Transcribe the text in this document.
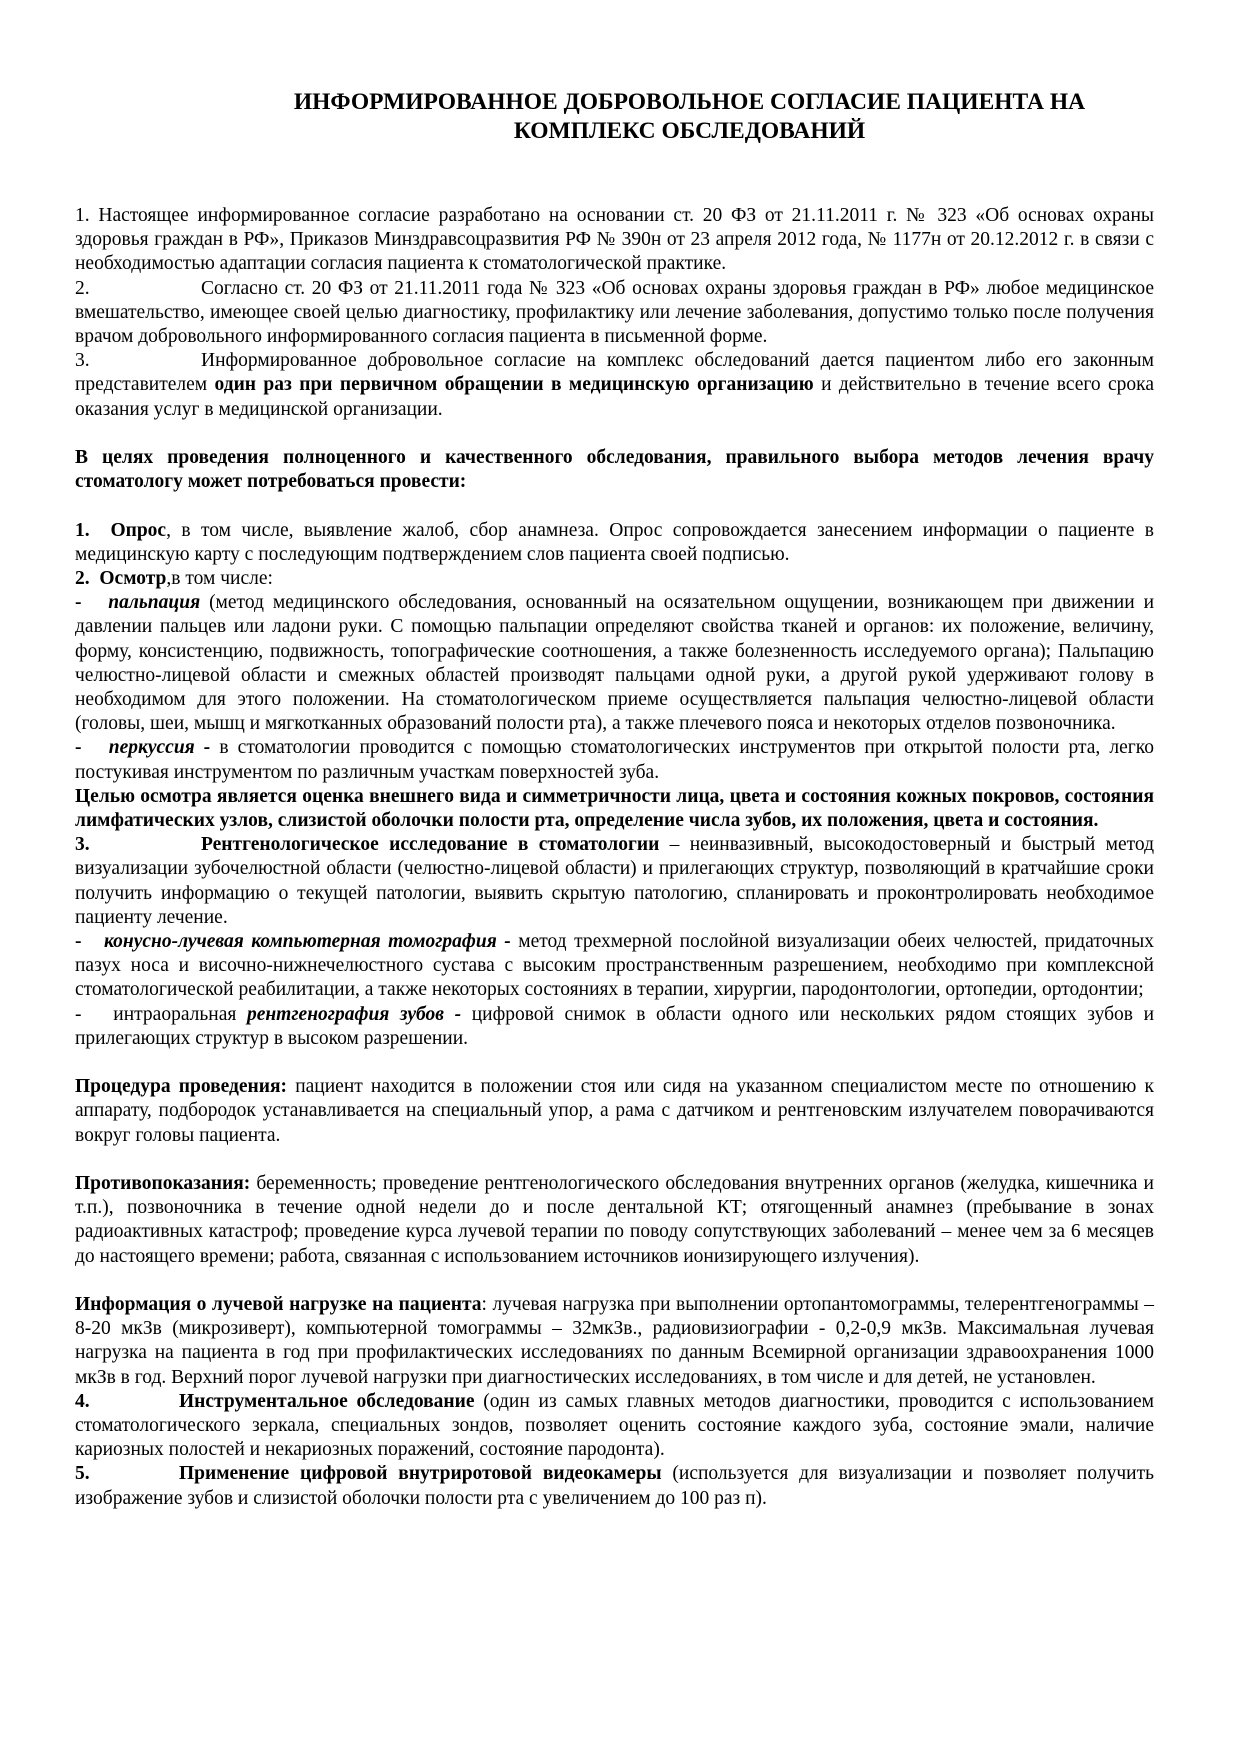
ИНФОРМИРОВАННОЕ ДОБРОВОЛЬНОЕ СОГЛАСИЕ ПАЦИЕНТА НА
КОМПЛЕКС ОБСЛЕДОВАНИЙ

1. Настоящее информированное согласие разработано на основании ст. 20 ФЗ от 21.11.2011 г. № 323 «Об основах охраны здоровья граждан в РФ», Приказов Минздравсоцразвития РФ № 390н от 23 апреля 2012 года, № 1177н от 20.12.2012 г. в связи с необходимостью адаптации согласия пациента к стоматологической практике.

2.	Согласно ст. 20 ФЗ от 21.11.2011 года № 323 «Об основах охраны здоровья граждан в РФ» любое медицинское вмешательство, имеющее своей целью диагностику, профилактику или лечение заболевания, допустимо только после получения врачом добровольного информированного согласия пациента в письменной форме.

3.	Информированное добровольное согласие на комплекс обследований дается пациентом либо его законным представителем один раз при первичном обращении в медицинскую организацию и действительно в течение всего срока оказания услуг в медицинской организации.

В целях проведения полноценного и качественного обследования, правильного выбора методов лечения врачу стоматологу может потребоваться провести:

1. Опрос, в том числе, выявление жалоб, сбор анамнеза. Опрос сопровождается занесением информации о пациенте в медицинскую карту с последующим подтверждением слов пациента своей подписью.

2. Осмотр,в том числе:

- пальпация (метод медицинского обследования, основанный на осязательном ощущении, возникающем при движении и давлении пальцев или ладони руки. С помощью пальпации определяют свойства тканей и органов: их положение, величину, форму, консистенцию, подвижность, топографические соотношения, а также болезненность исследуемого органа); Пальпацию челюстно-лицевой области и смежных областей производят пальцами одной руки, а другой рукой удерживают голову в необходимом для этого положении. На стоматологическом приеме осуществляется пальпация челюстно-лицевой области (головы, шеи, мышц и мягкотканных образований полости рта), а также плечевого пояса и некоторых отделов позвоночника.

- перкуссия - в стоматологии проводится с помощью стоматологических инструментов при открытой полости рта, легко постукивая инструментом по различным участкам поверхностей зуба.

Целью осмотра является оценка внешнего вида и симметричности лица, цвета и состояния кожных покровов, состояния лимфатических узлов, слизистой оболочки полости рта, определение числа зубов, их положения, цвета и состояния.

3.	Рентгенологическое исследование в стоматологии – неинвазивный, высокодостоверный и быстрый метод визуализации зубочелюстной области (челюстно-лицевой области) и прилегающих структур, позволяющий в кратчайшие сроки получить информацию о текущей патологии, выявить скрытую патологию, спланировать и проконтролировать необходимое пациенту лечение.

- конусно-лучевая компьютерная томография - метод трехмерной послойной визуализации обеих челюстей, придаточных пазух носа и височно-нижнечелюстного сустава с высоким пространственным разрешением, необходимо при комплексной стоматологической реабилитации, а также некоторых состояниях в терапии, хирургии, пародонтологии, ортопедии, ортодонтии;

-   интраоральная рентгенография зубов - цифровой снимок в области одного или нескольких рядом стоящих зубов и прилегающих структур в высоком разрешении.

Процедура проведения: пациент находится в положении стоя или сидя на указанном специалистом месте по отношению к аппарату, подбородок устанавливается на специальный упор, а рама с датчиком и рентгеновским излучателем поворачиваются вокруг головы пациента.

Противопоказания: беременность; проведение рентгенологического обследования внутренних органов (желудка, кишечника и т.п.), позвоночника в течение одной недели до и после дентальной КТ; отягощенный анамнез (пребывание в зонах радиоактивных катастроф; проведение курса лучевой терапии по поводу сопутствующих заболеваний – менее чем за 6 месяцев до настоящего времени; работа, связанная с использованием источников ионизирующего излучения).

Информация о лучевой нагрузке на пациента: лучевая нагрузка при выполнении ортопантомограммы, телерентгенограммы – 8-20 мкЗв (микрозиверт), компьютерной томограммы – 32мкЗв., радиовизиографии - 0,2-0,9 мкЗв. Максимальная лучевая нагрузка на пациента в год при профилактических исследованиях по данным Всемирной организации здравоохранения 1000 мкЗв в год. Верхний порог лучевой нагрузки при диагностических исследованиях, в том числе и для детей, не установлен.

4.	Инструментальное обследование (один из самых главных методов диагностики, проводится с использованием стоматологического зеркала, специальных зондов, позволяет оценить состояние каждого зуба, состояние эмали, наличие кариозных полостей и некариозных поражений, состояние пародонта).

5.	Применение цифровой внутриротовой видеокамеры (используется для визуализации и позволяет получить изображение зубов и слизистой оболочки полости рта с увеличением до 100 раз п).
